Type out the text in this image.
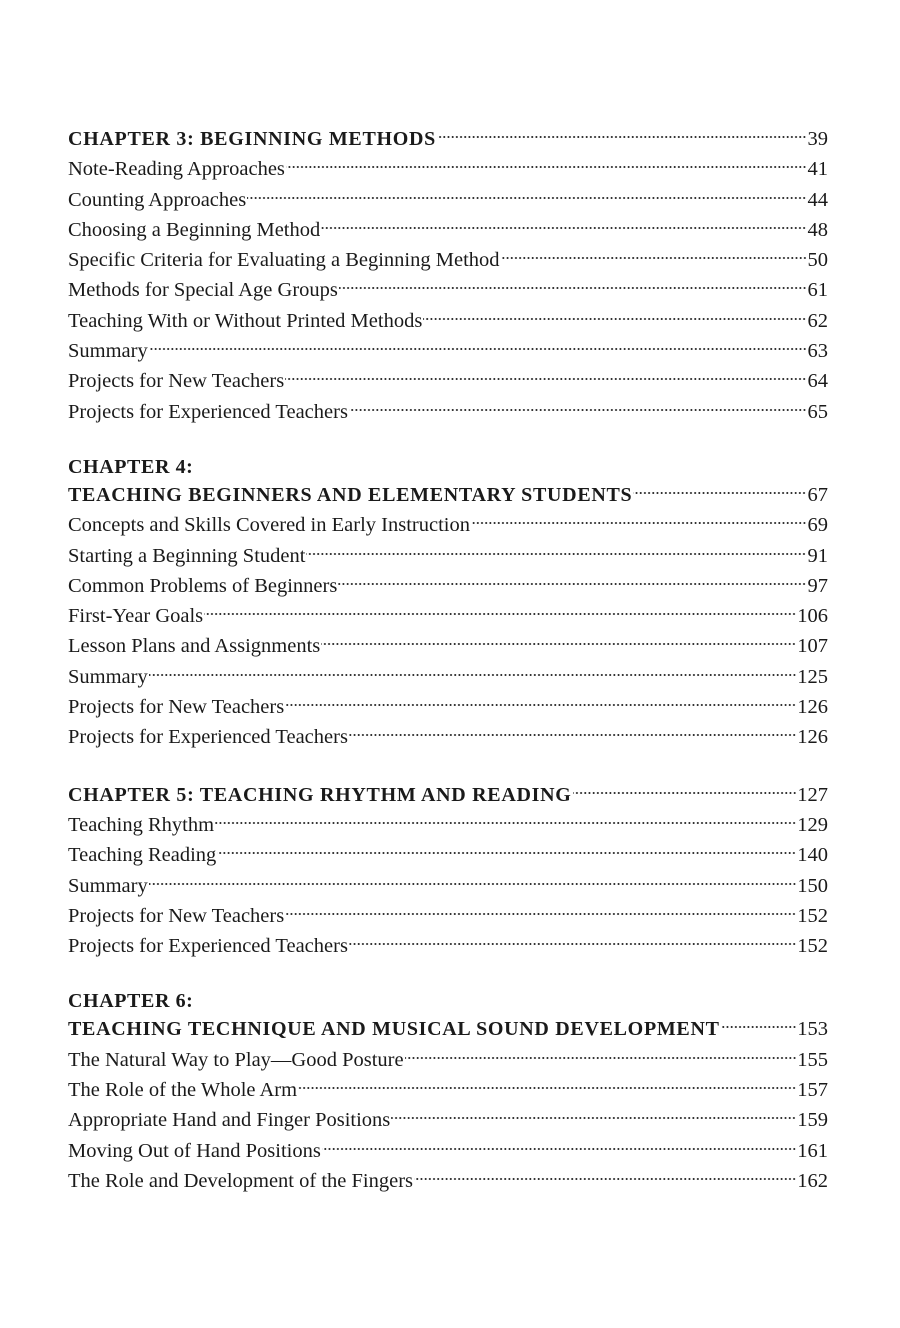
CHAPTER 3: BEGINNING METHODS	39
Note-Reading Approaches	41
Counting Approaches	44
Choosing a Beginning Method	48
Specific Criteria for Evaluating a Beginning Method	50
Methods for Special Age Groups	61
Teaching With or Without Printed Methods	62
Summary	63
Projects for New Teachers	64
Projects for Experienced Teachers	65
CHAPTER 4:
TEACHING BEGINNERS AND ELEMENTARY STUDENTS	67
Concepts and Skills Covered in Early Instruction	69
Starting a Beginning Student	91
Common Problems of Beginners	97
First-Year Goals	106
Lesson Plans and Assignments	107
Summary	125
Projects for New Teachers	126
Projects for Experienced Teachers	126
CHAPTER 5: TEACHING RHYTHM AND READING	127
Teaching Rhythm	129
Teaching Reading	140
Summary	150
Projects for New Teachers	152
Projects for Experienced Teachers	152
CHAPTER 6:
TEACHING TECHNIQUE AND MUSICAL SOUND DEVELOPMENT	153
The Natural Way to Play—Good Posture	155
The Role of the Whole Arm	157
Appropriate Hand and Finger Positions	159
Moving Out of Hand Positions	161
The Role and Development of the Fingers	162
